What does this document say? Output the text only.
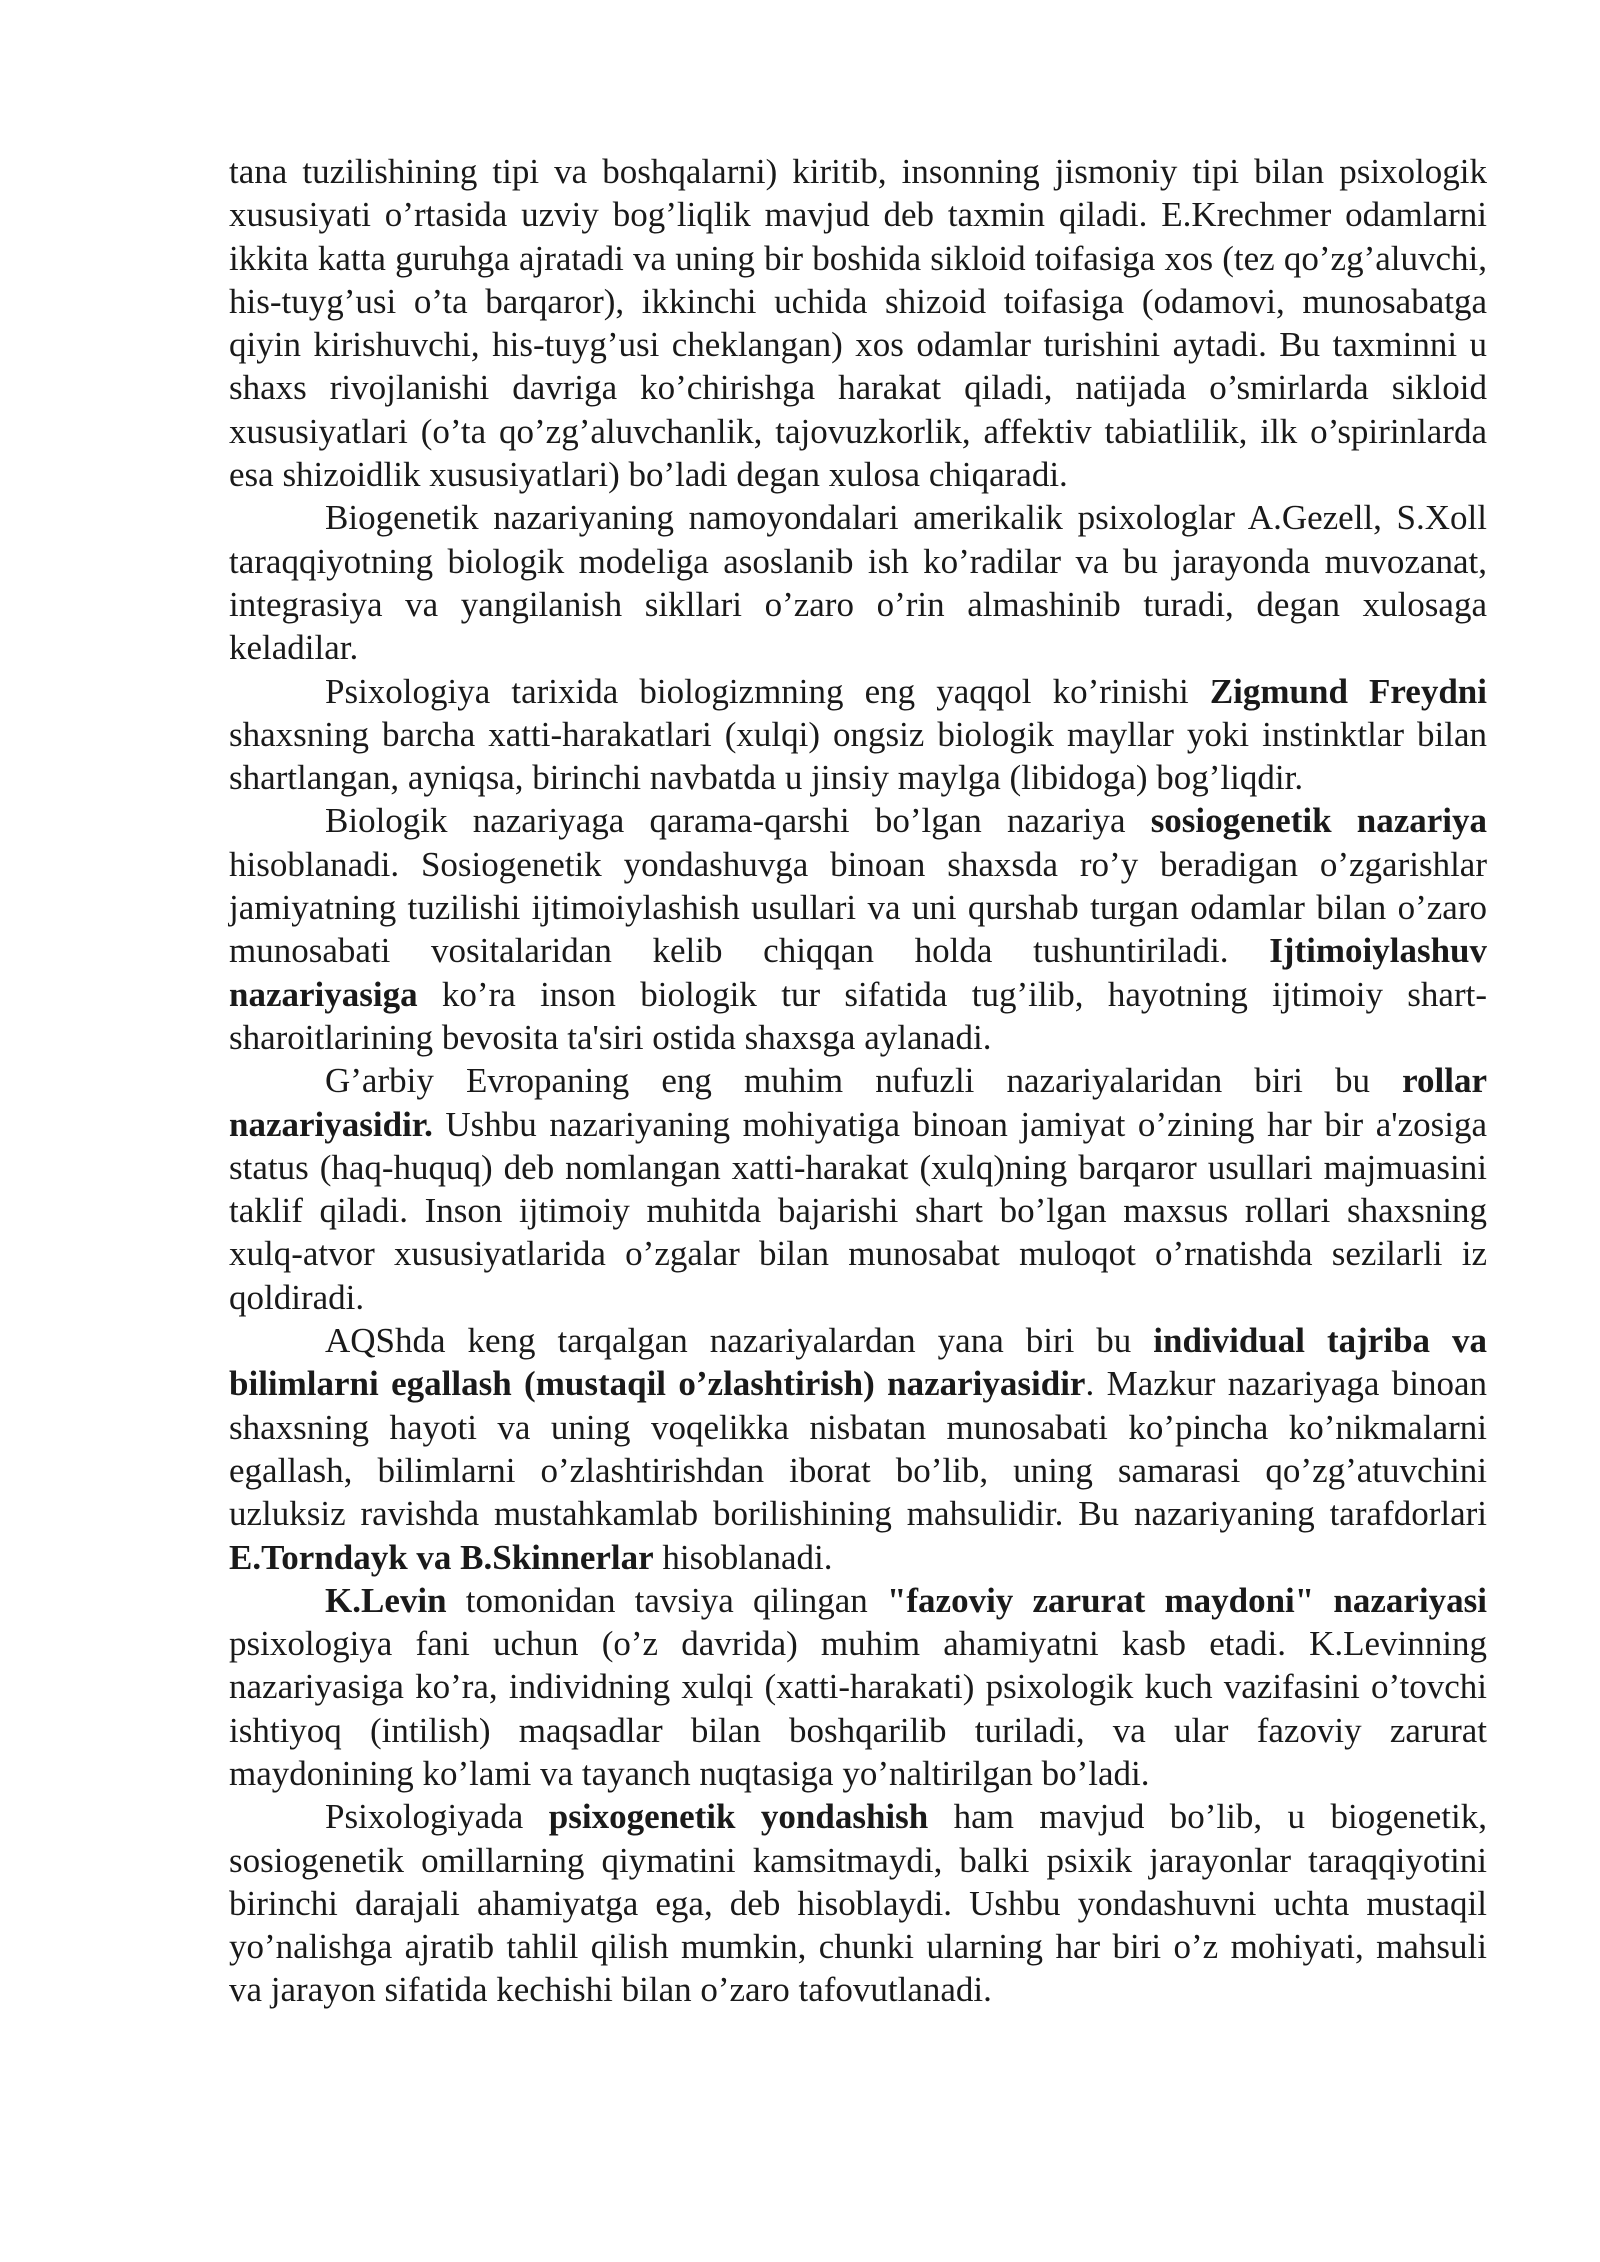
tana tuzilishining tipi va boshqalarni) kiritib, insonning jismoniy tipi bilan psixologik xususiyati o’rtasida uzviy bog’liqlik mavjud deb taxmin qiladi. E.Krechmer odamlarni ikkita katta guruhga ajratadi va uning bir boshida sikloid toifasiga xos (tez qo’zg’aluvchi, his-tuyg’usi o’ta barqaror), ikkinchi uchida shizoid toifasiga (odamovi, munosabatga qiyin kirishuvchi, his-tuyg’usi cheklangan) xos odamlar turishini aytadi. Bu taxminni u shaxs rivojlanishi davriga ko’chirishga harakat qiladi, natijada o’smirlarda sikloid xususiyatlari (o’ta qo’zg’aluvchanlik, tajovuzkorlik, affektiv tabiatlilik, ilk o’spirinlarda esa shizoidlik xususiyatlari) bo’ladi degan xulosa chiqaradi.

Biogenetik nazariyaning namoyondalari amerikalik psixologlar A.Gezell, S.Xoll taraqqiyotning biologik modeliga asoslanib ish ko’radilar va bu jarayonda muvozanat, integrasiya va yangilanish sikllari o’zaro o’rin almashinib turadi, degan xulosaga keladilar.

Psixologiya tarixida biologizmning eng yaqqol ko’rinishi Zigmund Freydni shaxsning barcha xatti-harakatlari (xulqi) ongsiz biologik mayllar yoki instinktlar bilan shartlangan, ayniqsa, birinchi navbatda u jinsiy maylga (libidoga) bog’liqdir.

Biologik nazariyaga qarama-qarshi bo’lgan nazariya sosiogenetik nazariya hisoblanadi. Sosiogenetik yondashuvga binoan shaxsda ro’y beradigan o’zgarishlar jamiyatning tuzilishi ijtimoiylashish usullari va uni qurshab turgan odamlar bilan o’zaro munosabati vositalaridan kelib chiqqan holda tushuntiriladi. Ijtimoiylashuv nazariyasiga ko’ra inson biologik tur sifatida tug’ilib, hayotning ijtimoiy shart-sharoitlarining bevosita ta'siri ostida shaxsga aylanadi.

G’arbiy Evropaning eng muhim nufuzli nazariyalaridan biri bu rollar nazariyasidir. Ushbu nazariyaning mohiyatiga binoan jamiyat o’zining har bir a'zosiga status (haq-huquq) deb nomlangan xatti-harakat (xulq)ning barqaror usullari majmuasini taklif qiladi. Inson ijtimoiy muhitda bajarishi shart bo’lgan maxsus rollari shaxsning xulq-atvor xususiyatlarida o’zgalar bilan munosabat muloqot o’rnatishda sezilarli iz qoldiradi.

AQShda keng tarqalgan nazariyalardan yana biri bu individual tajriba va bilimlarni egallash (mustaqil o’zlashtirish) nazariyasidir. Mazkur nazariyaga binoan shaxsning hayoti va uning voqelikka nisbatan munosabati ko’pincha ko’nikmalarni egallash, bilimlarni o’zlashtirishdan iborat bo’lib, uning samarasi qo’zg’atuvchini uzluksiz ravishda mustahkamlab borilishining mahsulidir. Bu nazariyaning tarafdorlari E.Torndayk va B.Skinnerlar hisoblanadi.

K.Levin tomonidan tavsiya qilingan "fazoviy zarurat maydoni" nazariyasi psixologiya fani uchun (o’z davrida) muhim ahamiyatni kasb etadi. K.Levinning nazariyasiga ko’ra, individning xulqi (xatti-harakati) psixologik kuch vazifasini o’tovchi ishtiyoq (intilish) maqsadlar bilan boshqarilib turiladi, va ular fazoviy zarurat maydonining ko’lami va tayanch nuqtasiga yo’naltirilgan bo’ladi.

Psixologiyada psixogenetik yondashish ham mavjud bo’lib, u biogenetik, sosiogenetik omillarning qiymatini kamsitmaydi, balki psixik jarayonlar taraqqiyotini birinchi darajali ahamiyatga ega, deb hisoblaydi. Ushbu yondashuvni uchta mustaqil yo’nalishga ajratib tahlil qilish mumkin, chunki ularning har biri o’z mohiyati, mahsuli va jarayon sifatida kechishi bilan o’zaro tafovutlanadi.
